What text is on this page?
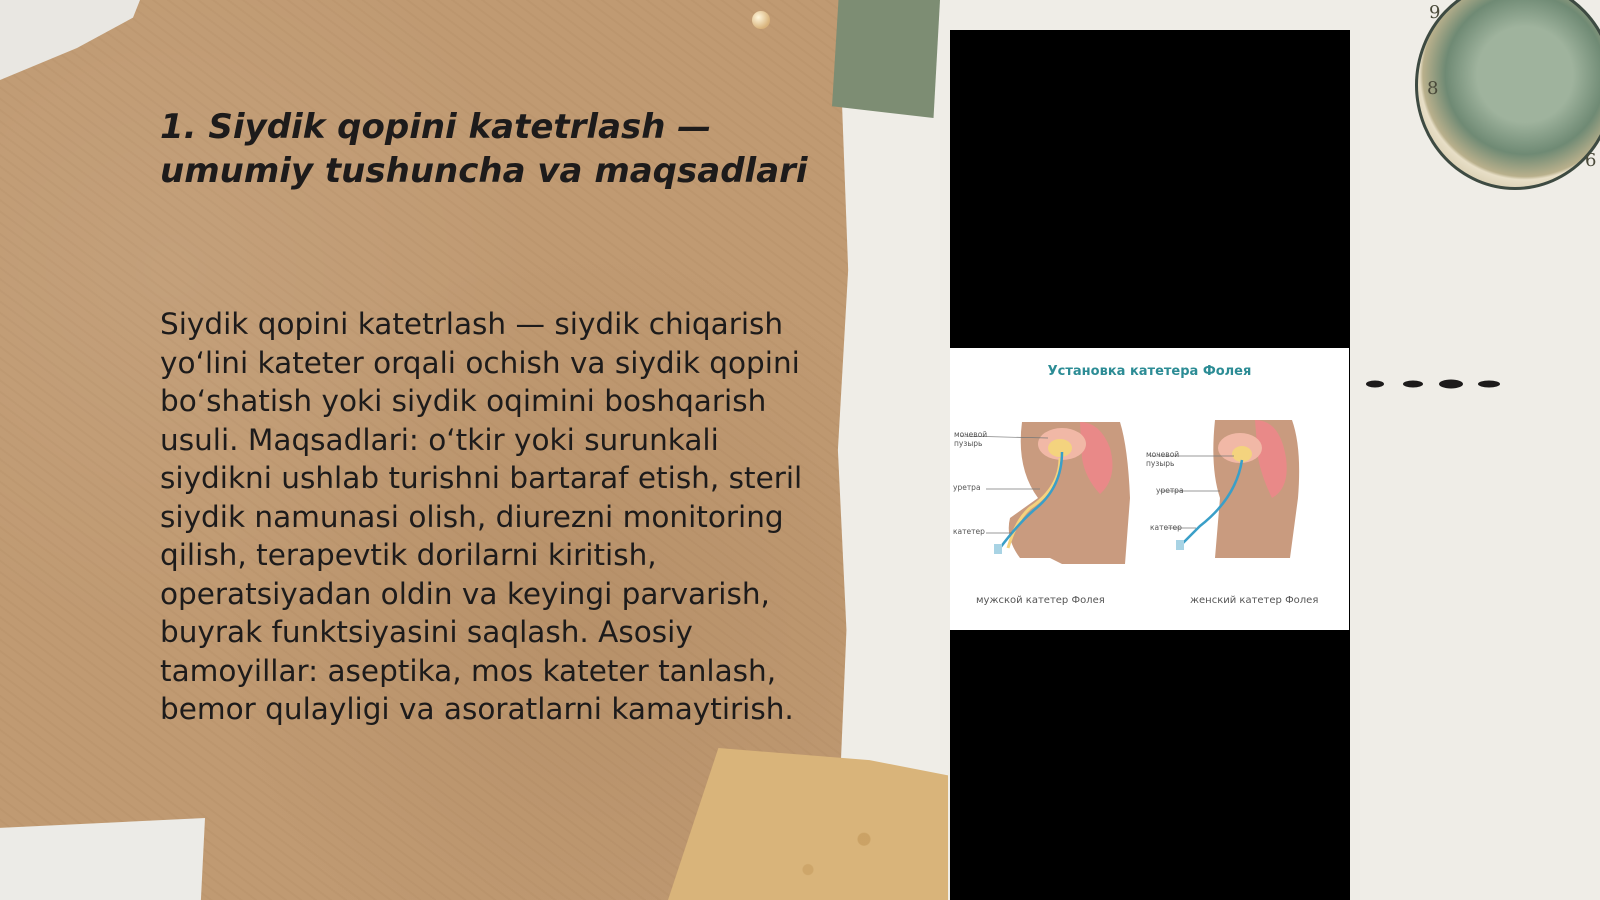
1. Siydik qopini katetrlash — umumiy tushuncha va maqsadlari

Siydik qopini katetrlash — siydik chiqarish yo‘lini kateter orqali ochish va siydik qopini bo‘shatish yoki siydik oqimini boshqarish usuli. Maqsadlari: o‘tkir yoki surunkali siydikni ushlab turishni bartaraf etish, steril siydik namunasi olish, diurezni monitoring qilish, terapevtik dorilarni kiritish, operatsiyadan oldin va keyingi parvarish, buyrak funktsiyasini saqlash. Asosiy tamoyillar: aseptika, mos kateter tanlash, bemor qulayligi va asoratlarni kamaytirish.

Установка катетера Фолея
мочевой пузырь
уретра
катетер
мочевой пузырь
уретра
катетер
мужской катетер Фолея	женский катетер Фолея
9
8
6
